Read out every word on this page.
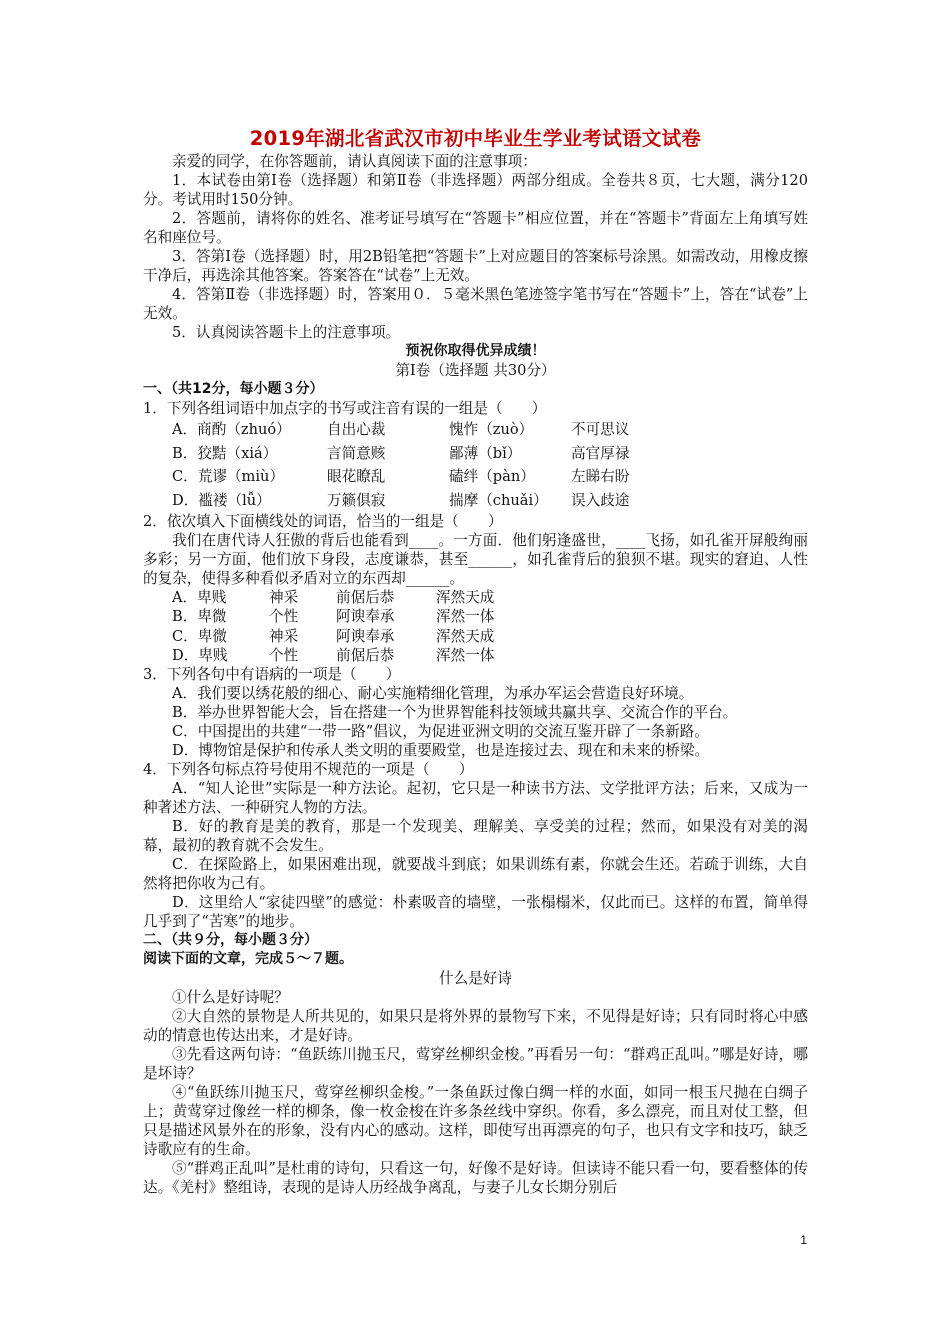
2019年湖北省武汉市初中毕业生学业考试语文试卷

亲爱的同学，在你答题前，请认真阅读下面的注意事项：

1．本试卷由第Ⅰ卷（选择题）和第Ⅱ卷（非选择题）两部分组成。全卷共８页，七大题，满分120分。考试用时150分钟。

2．答题前，请将你的姓名、准考证号填写在“答题卡”相应位置，并在“答题卡”背面左上角填写姓名和座位号。

3．答第Ⅰ卷（选择题）时，用2B铅笔把“答题卡”上对应题目的答案标号涂黑。如需改动，用橡皮擦干净后，再选涂其他答案。答案答在“试卷”上无效。

4．答第Ⅱ卷（非选择题）时，答案用０．５毫米黑色笔迹签字笔书写在“答题卡”上，答在“试卷”上无效。

5．认真阅读答题卡上的注意事项。

预祝你取得优异成绩！

第Ⅰ卷（选择题 共30分）

一、（共12分，每小题３分）

1．下列各组词语中加点字的书写或注音有误的一组是（　　）

A．商酌（zhuó）	自出心裁	愧怍（zuò）	不可思议
B．狡黠（xiá）	言简意赅	鄙薄（bǐ）	高官厚禄
C．荒谬（miù）	眼花瞭乱	磕绊（pàn）	左睇右盼
D．褴褛（lǚ）	万籁俱寂	揣摩（chuǎi）	误入歧途

2．依次填入下面横线处的词语，恰当的一组是（　　）

我们在唐代诗人狂傲的背后也能看到____。一方面．他们躬逢盛世，____飞扬，如孔雀开屏般绚丽多彩；另一方面，他们放下身段，志度谦恭，甚至______，如孔雀背后的狼狈不堪。现实的窘迫、人性的复杂，使得多种看似矛盾对立的东西却______。

A．卑贱	神采	前倨后恭	浑然天成
B．卑微	个性	阿谀奉承	浑然一体
C．卑微	神采	阿谀奉承	浑然天成
D．卑贱	个性	前倨后恭	浑然一体

3．下列各句中有语病的一项是（　　）

A．我们要以绣花般的细心、耐心实施精细化管理，为承办军运会营造良好环境。

B．举办世界智能大会，旨在搭建一个为世界智能科技领域共赢共享、交流合作的平台。

C．中国提出的共建“一带一路”倡议，为促进亚洲文明的交流互鉴开辟了一条新路。

D．博物馆是保护和传承人类文明的重要殿堂，也是连接过去、现在和未来的桥梁。

4．下列各句标点符号使用不规范的一项是（　　）

A．“知人论世”实际是一种方法论。起初，它只是一种读书方法、文学批评方法；后来，又成为一种著述方法、一种研究人物的方法。

B．好的教育是美的教育，那是一个发现美、理解美、享受美的过程；然而，如果没有对美的渴幕，最初的教育就不会发生。

C．在探险路上，如果困难出现，就要战斗到底；如果训练有素，你就会生还。若疏于训练，大自然将把你收为己有。

D．这里给人“家徒四壁”的感觉：朴素吸音的墙壁，一张榻榻米，仅此而已。这样的布置，简单得几乎到了“苦寒”的地步。

二、（共９分，每小题３分）

阅读下面的文章，完成５～７题。

什么是好诗

①什么是好诗呢？

②大自然的景物是人所共见的，如果只是将外界的景物写下来，不见得是好诗；只有同时将心中感动的情意也传达出来，才是好诗。

③先看这两句诗：“鱼跃练川抛玉尺，莺穿丝柳织金梭。”再看另一句：“群鸡正乱叫。”哪是好诗，哪是坏诗？

④“鱼跃练川抛玉尺，莺穿丝柳织金梭。”一条鱼跃过像白绸一样的水面，如同一根玉尺抛在白绸子上；黄莺穿过像丝一样的柳条，像一枚金梭在许多条丝线中穿织。你看，多么漂亮，而且对仗工整，但只是描述风景外在的形象，没有内心的感动。这样，即使写出再漂亮的句子，也只有文字和技巧，缺乏诗歌应有的生命。

⑤“群鸡正乱叫”是杜甫的诗句，只看这一句，好像不是好诗。但读诗不能只看一句，要看整体的传达。《羌村》整组诗，表现的是诗人历经战争离乱，与妻子儿女长期分别后

1
